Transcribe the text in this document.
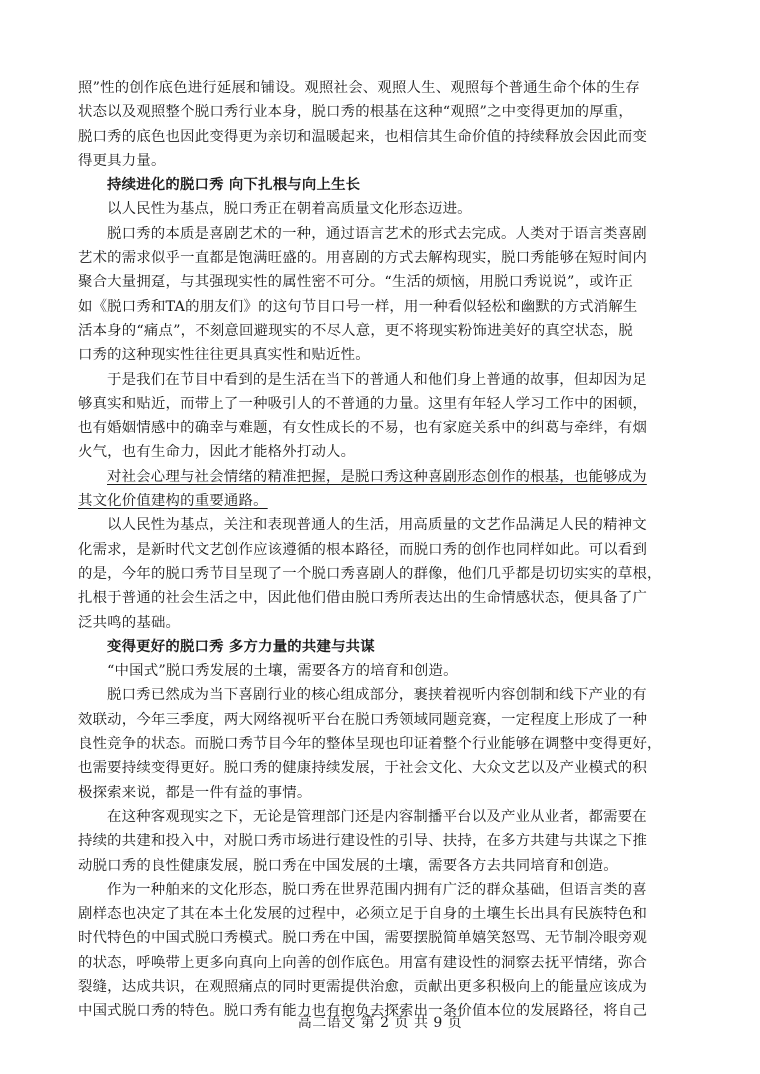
照”性的创作底色进行延展和铺设。观照社会、观照人生、观照每个普通生命个体的生存
状态以及观照整个脱口秀行业本身，脱口秀的根基在这种“观照”之中变得更加的厚重，
脱口秀的底色也因此变得更为亲切和温暖起来，也相信其生命价值的持续释放会因此而变
得更具力量。
持续进化的脱口秀 向下扎根与向上生长
以人民性为基点，脱口秀正在朝着高质量文化形态迈进。
脱口秀的本质是喜剧艺术的一种，通过语言艺术的形式去完成。人类对于语言类喜剧
艺术的需求似乎一直都是饱满旺盛的。用喜剧的方式去解构现实，脱口秀能够在短时间内
聚合大量拥趸，与其强现实性的属性密不可分。“生活的烦恼，用脱口秀说说”，或许正
如《脱口秀和TA的朋友们》的这句节目口号一样，用一种看似轻松和幽默的方式消解生
活本身的“痛点”，不刻意回避现实的不尽人意，更不将现实粉饰进美好的真空状态，脱
口秀的这种现实性往往更具真实性和贴近性。
于是我们在节目中看到的是生活在当下的普通人和他们身上普通的故事，但却因为足
够真实和贴近，而带上了一种吸引人的不普通的力量。这里有年轻人学习工作中的困顿，
也有婚姻情感中的确幸与难题，有女性成长的不易，也有家庭关系中的纠葛与牵绊，有烟
火气，也有生命力，因此才能格外打动人。
对社会心理与社会情绪的精准把握，是脱口秀这种喜剧形态创作的根基，也能够成为
其文化价值建构的重要通路。
以人民性为基点，关注和表现普通人的生活，用高质量的文艺作品满足人民的精神文
化需求，是新时代文艺创作应该遵循的根本路径，而脱口秀的创作也同样如此。可以看到
的是，今年的脱口秀节目呈现了一个脱口秀喜剧人的群像，他们几乎都是切切实实的草根，
扎根于普通的社会生活之中，因此他们借由脱口秀所表达出的生命情感状态，便具备了广
泛共鸣的基础。
变得更好的脱口秀 多方力量的共建与共谋
“中国式”脱口秀发展的土壤，需要各方的培育和创造。
脱口秀已然成为当下喜剧行业的核心组成部分，裹挟着视听内容创制和线下产业的有
效联动，今年三季度，两大网络视听平台在脱口秀领域同题竞赛，一定程度上形成了一种
良性竞争的状态。而脱口秀节目今年的整体呈现也印证着整个行业能够在调整中变得更好，
也需要持续变得更好。脱口秀的健康持续发展，于社会文化、大众文艺以及产业模式的积
极探索来说，都是一件有益的事情。
在这种客观现实之下，无论是管理部门还是内容制播平台以及产业从业者，都需要在
持续的共建和投入中，对脱口秀市场进行建设性的引导、扶持，在多方共建与共谋之下推
动脱口秀的良性健康发展，脱口秀在中国发展的土壤，需要各方去共同培育和创造。
作为一种舶来的文化形态，脱口秀在世界范围内拥有广泛的群众基础，但语言类的喜
剧样态也决定了其在本土化发展的过程中，必须立足于自身的土壤生长出具有民族特色和
时代特色的中国式脱口秀模式。脱口秀在中国，需要摆脱简单嬉笑怒骂、无节制冷眼旁观
的状态，呼唤带上更多向真向上向善的创作底色。用富有建设性的洞察去抚平情绪，弥合
裂缝，达成共识，在观照痛点的同时更需提供治愈，贡献出更多积极向上的能量应该成为
中国式脱口秀的特色。脱口秀有能力也有抱负去探索出一条价值本位的发展路径，将自己
高二语文 第 2 页 共 9 页
